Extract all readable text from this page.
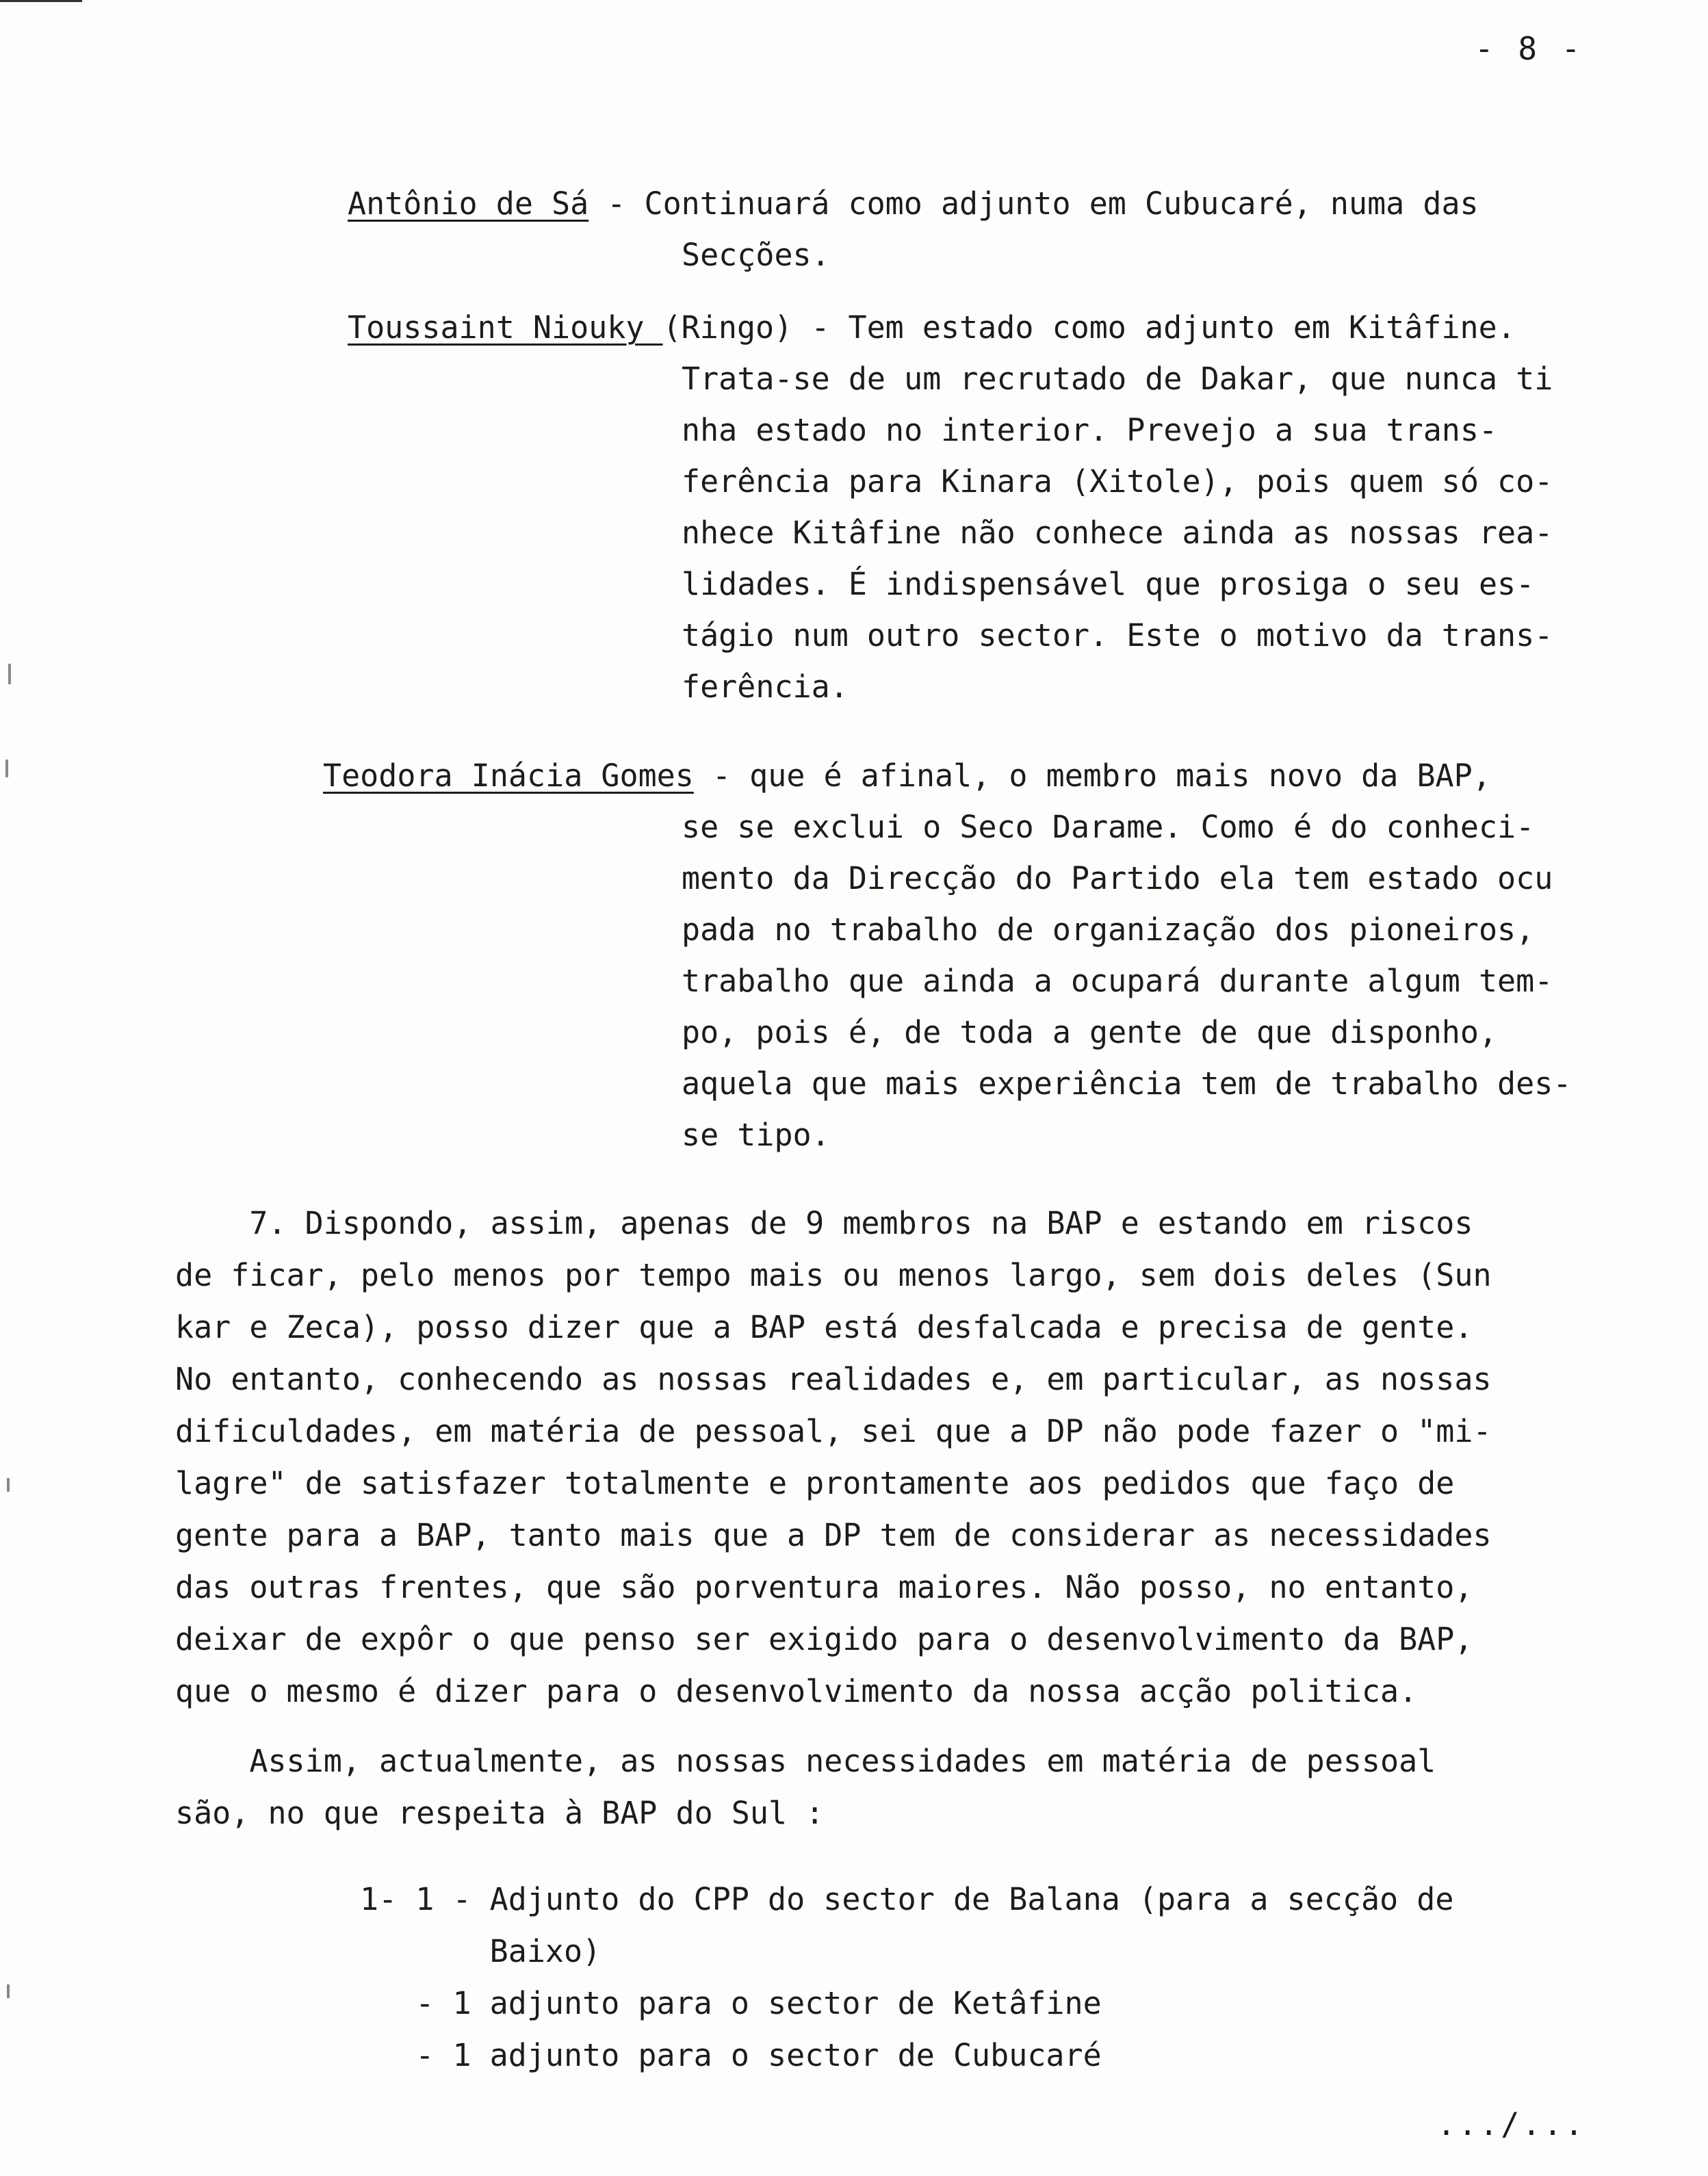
- 8 -
Antônio de Sá - Continuará como adjunto em Cubucaré, numa das
Secções.
Toussaint Niouky (Ringo) - Tem estado como adjunto em Kitâfine.
Trata-se de um recrutado de Dakar, que nunca ti
nha estado no interior. Prevejo a sua trans-
ferência para Kinara (Xitole), pois quem só co-
nhece Kitâfine não conhece ainda as nossas rea-
lidades. É indispensável que prosiga o seu es-
tágio num outro sector. Este o motivo da trans-
ferência.
Teodora Inácia Gomes - que é afinal, o membro mais novo da BAP,
se se exclui o Seco Darame. Como é do conheci-
mento da Direcção do Partido ela tem estado ocu
pada no trabalho de organização dos pioneiros,
trabalho que ainda a ocupará durante algum tem-
po, pois é, de toda a gente de que disponho,
aquela que mais experiência tem de trabalho des-
se tipo.
7. Dispondo, assim, apenas de 9 membros na BAP e estando em riscos
de ficar, pelo menos por tempo mais ou menos largo, sem dois deles (Sun
kar e Zeca), posso dizer que a BAP está desfalcada e precisa de gente.
No entanto, conhecendo as nossas realidades e, em particular, as nossas
dificuldades, em matéria de pessoal, sei que a DP não pode fazer o "mi-
lagre" de satisfazer totalmente e prontamente aos pedidos que faço de
gente para a BAP, tanto mais que a DP tem de considerar as necessidades
das outras frentes, que são porventura maiores. Não posso, no entanto,
deixar de expôr o que penso ser exigido para o desenvolvimento da BAP,
que o mesmo é dizer para o desenvolvimento da nossa acção politica.
Assim, actualmente, as nossas necessidades em matéria de pessoal
são, no que respeita à BAP do Sul :
1- 1 - Adjunto do CPP do sector de Balana (para a secção de
Baixo)
- 1 adjunto para o sector de Ketâfine
- 1 adjunto para o sector de Cubucaré
.../...
